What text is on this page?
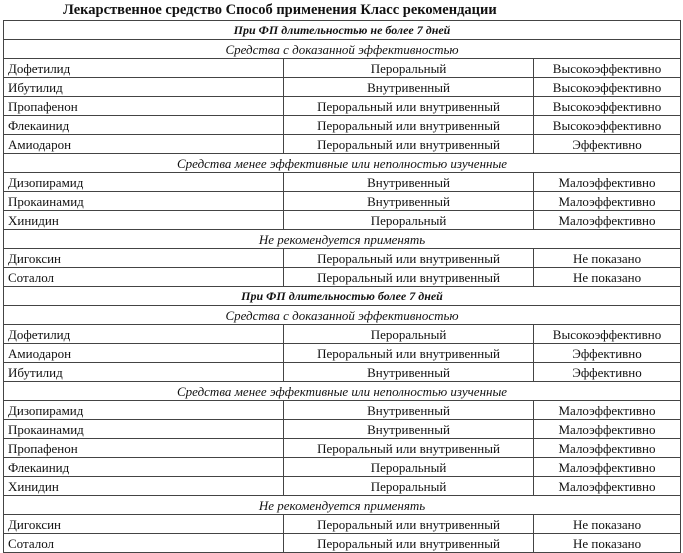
Лекарственное средство Способ применения Класс рекомендации
При ФП длительностью не более 7 дней		
Средства с доказанной эффективностью		
Дофетилид	Пероральный	Высокоэффективно
Ибутилид	Внутривенный	Высокоэффективно
Пропафенон	Пероральный или внутривенный	Высокоэффективно
Флекаинид	Пероральный или внутривенный	Высокоэффективно
Амиодарон	Пероральный или внутривенный	Эффективно
Средства менее эффективные или неполностью изученные		
Дизопирамид	Внутривенный	Малоэффективно
Прокаинамид	Внутривенный	Малоэффективно
Хинидин	Пероральный	Малоэффективно
Не рекомендуется применять		
Дигоксин	Пероральный или внутривенный	Не показано
Соталол	Пероральный или внутривенный	Не показано
При ФП длительностью более 7 дней		
Средства с доказанной эффективностью		
Дофетилид	Пероральный	Высокоэффективно
Амиодарон	Пероральный или внутривенный	Эффективно
Ибутилид	Внутривенный	Эффективно
Средства менее эффективные или неполностью изученные		
Дизопирамид	Внутривенный	Малоэффективно
Прокаинамид	Внутривенный	Малоэффективно
Пропафенон	Пероральный или внутривенный	Малоэффективно
Флекаинид	Пероральный	Малоэффективно
Хинидин	Пероральный	Малоэффективно
Не рекомендуется применять		
Дигоксин	Пероральный или внутривенный	Не показано
Соталол	Пероральный или внутривенный	Не показано
